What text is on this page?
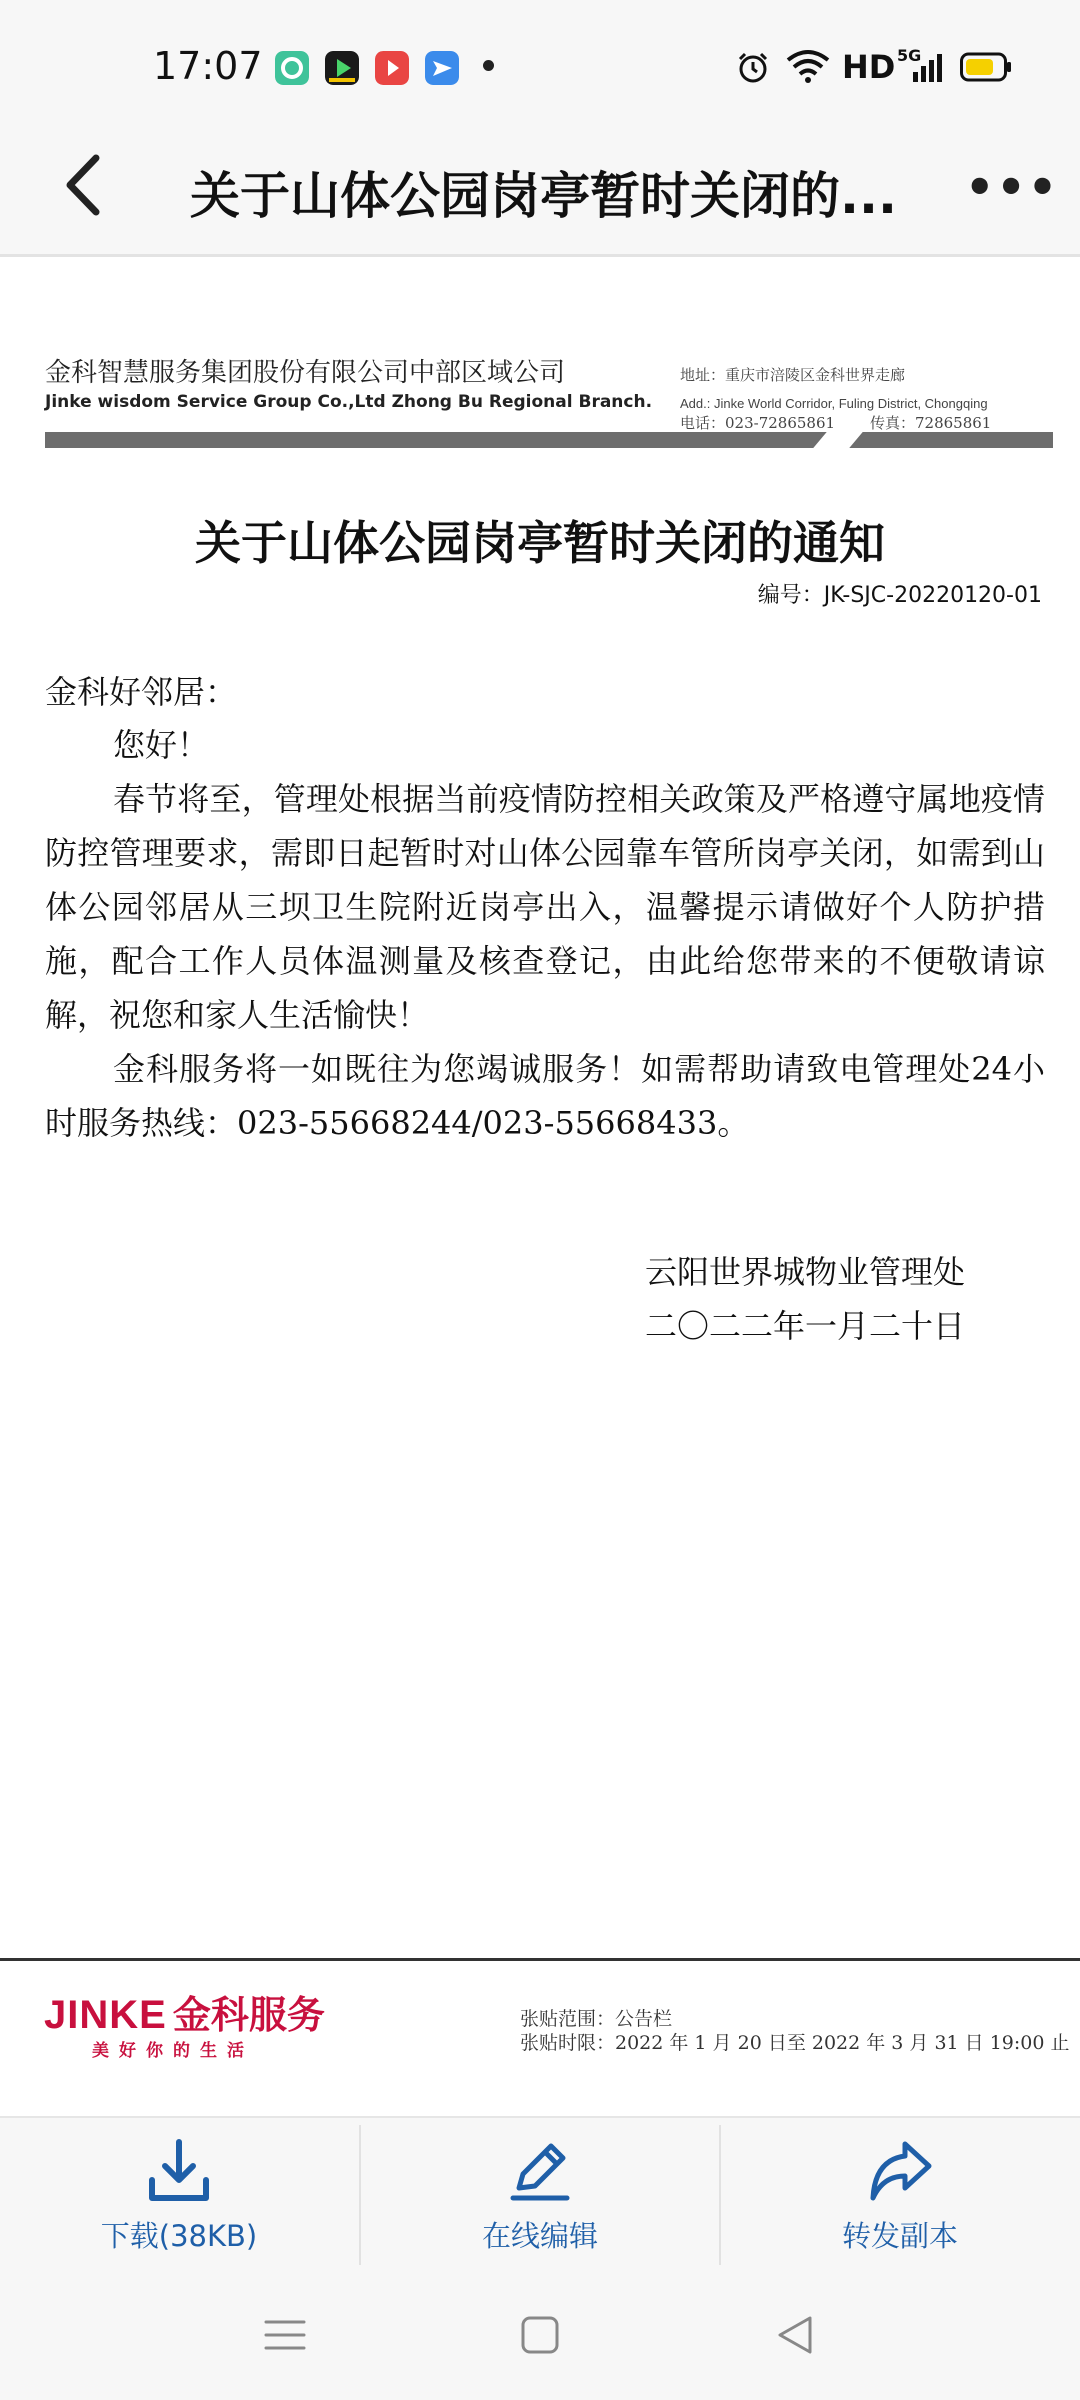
17:07	HD 5G
关于山体公园岗亭暂时关闭的... •••
金科智慧服务集团股份有限公司中部区域公司
Jinke wisdom Service Group Co.,Ltd Zhong Bu Regional Branch.
地址：重庆市涪陵区金科世界走廊
Add.: Jinke World Corridor, Fuling District, Chongqing
电话：023-72865861 传真：72865861
关于山体公园岗亭暂时关闭的通知
编号：JK-SJC-20220120-01
金科好邻居：
您好！
春节将至，管理处根据当前疫情防控相关政策及严格遵守属地疫情防控管理要求，需即日起暂时对山体公园靠车管所岗亭关闭，如需到山体公园邻居从三坝卫生院附近岗亭出入，温馨提示请做好个人防护措施，配合工作人员体温测量及核查登记，由此给您带来的不便敬请谅解，祝您和家人生活愉快！
金科服务将一如既往为您竭诚服务！如需帮助请致电管理处24小时服务热线：023-55668244/023-55668433。
云阳世界城物业管理处
二〇二二年一月二十日
JINKE 金科服务
美好你的生活
张贴范围：公告栏
张贴时限：2022 年 1 月 20 日至 2022 年 3 月 31 日 19:00 止
下载(38KB)	在线编辑	转发副本
